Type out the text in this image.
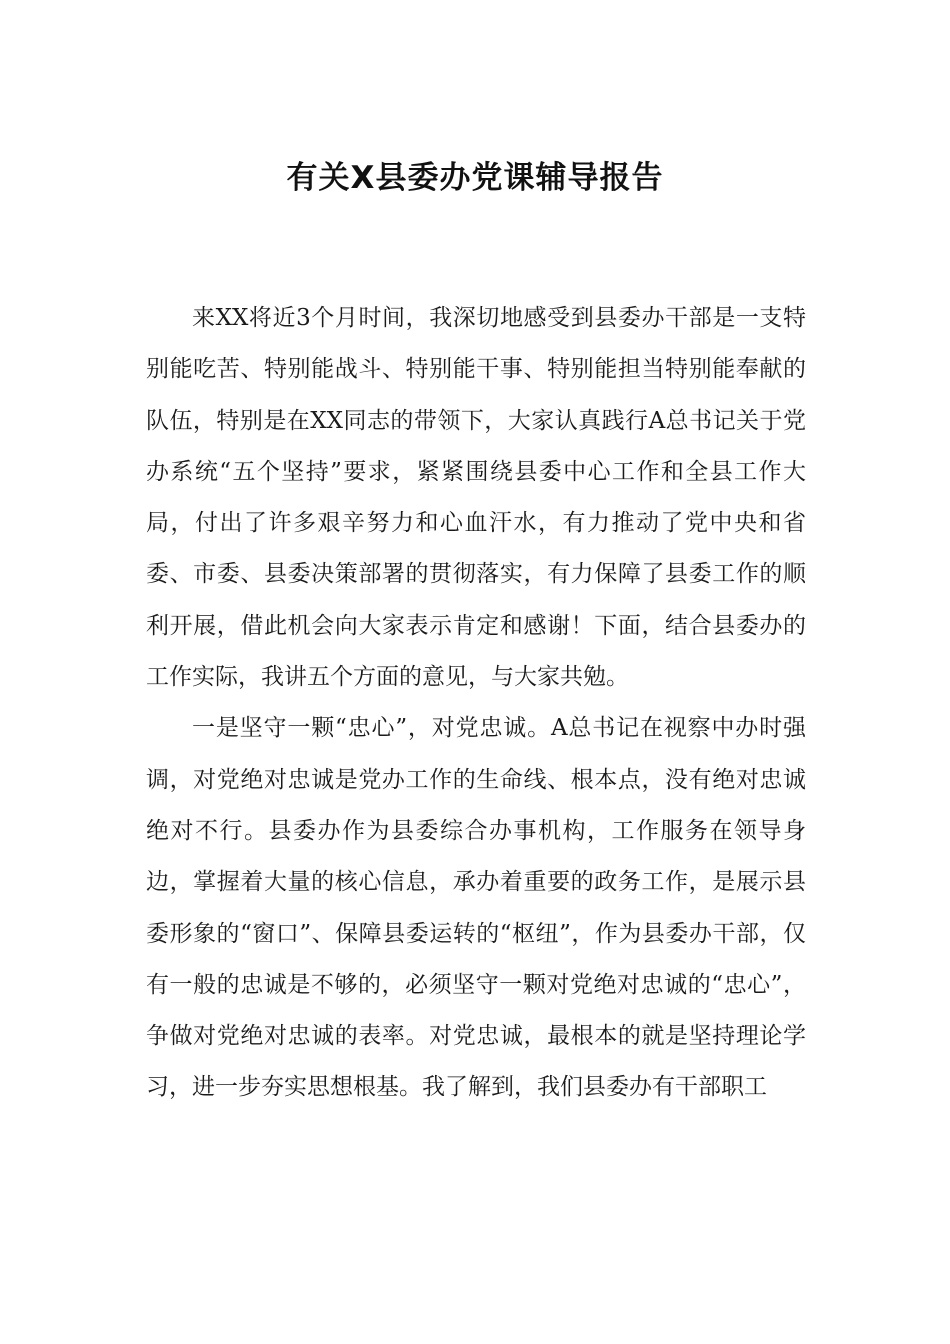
有关X县委办党课辅导报告

来XX将近3个月时间，我深切地感受到县委办干部是一支特别能吃苦、特别能战斗、特别能干事、特别能担当特别能奉献的队伍，特别是在XX同志的带领下，大家认真践行A总书记关于党办系统“五个坚持”要求，紧紧围绕县委中心工作和全县工作大局，付出了许多艰辛努力和心血汗水，有力推动了党中央和省委、市委、县委决策部署的贯彻落实，有力保障了县委工作的顺利开展，借此机会向大家表示肯定和感谢！下面，结合县委办的工作实际，我讲五个方面的意见，与大家共勉。

一是坚守一颗“忠心”，对党忠诚。A总书记在视察中办时强调，对党绝对忠诚是党办工作的生命线、根本点，没有绝对忠诚绝对不行。县委办作为县委综合办事机构，工作服务在领导身边，掌握着大量的核心信息，承办着重要的政务工作，是展示县委形象的“窗口”、保障县委运转的“枢纽”，作为县委办干部，仅有一般的忠诚是不够的，必须坚守一颗对党绝对忠诚的“忠心”，争做对党绝对忠诚的表率。对党忠诚，最根本的就是坚持理论学习，进一步夯实思想根基。我了解到，我们县委办有干部职工
